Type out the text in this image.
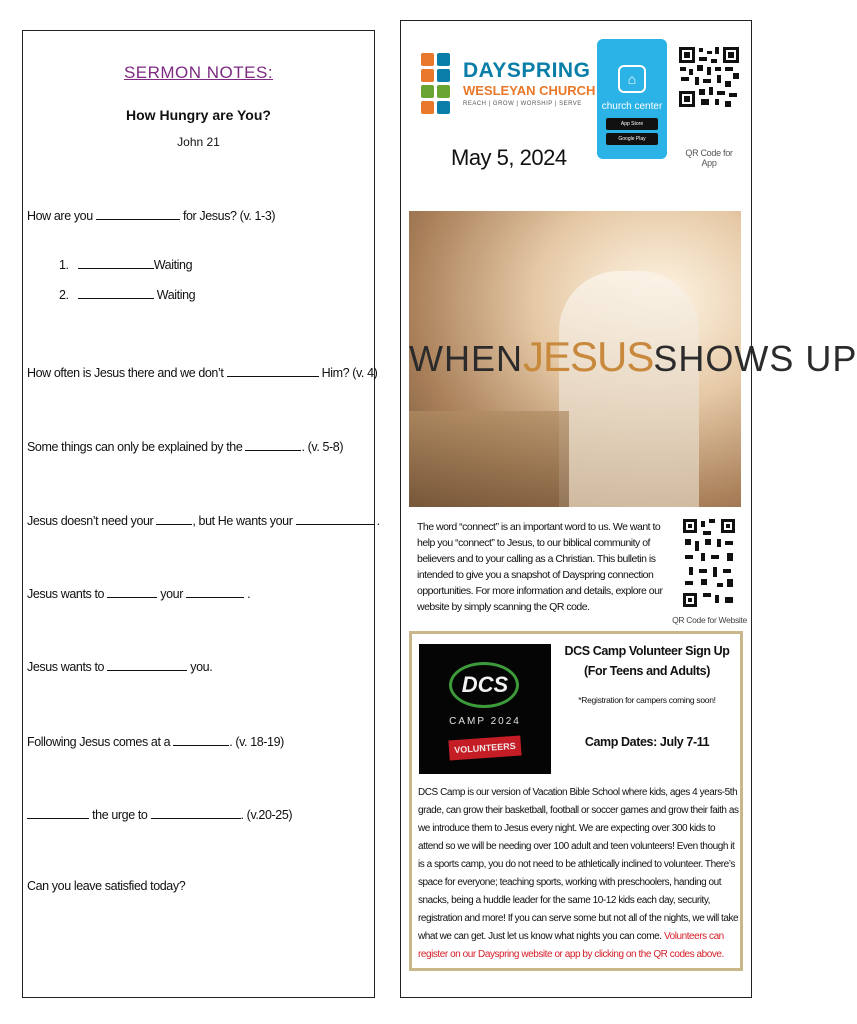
SERMON NOTES:
How Hungry are You?
John 21
How are you	for Jesus? (v. 1-3)
1.	Waiting
2.	Waiting
How often is Jesus there and we don’t	Him? (v. 4)
Some things can only be explained by the	. (v. 5-8)
Jesus doesn’t need your	, but He wants your	.
Jesus wants to	your	.
Jesus wants to	you.
Following Jesus comes at a	. (v. 18-19)
the urge to	. (v.20-25)
Can you leave satisfied today?
DAYSPRING
WESLEYAN CHURCH
REACH | GROW | WORSHIP | SERVE
⌂
church center
App Store
Google Play
QR Code for App
May 5, 2024
WHENJESUSSHOWS UP
The word “connect” is an important word to us. We want to help you “connect” to Jesus, to our biblical community of believers and to your calling as a Christian. This bulletin is intended to give you a snapshot of Dayspring connection opportunities. For more information and details, explore our website by simply scanning the QR code.
QR Code for Website
DCS
CAMP 2024
VOLUNTEERS
DCS Camp Volunteer Sign Up
(For Teens and Adults)
*Registration for campers coming soon!
Camp Dates: July 7-11
DCS Camp is our version of Vacation Bible School where kids, ages 4 years-5th grade, can grow their basketball, football or soccer games and grow their faith as we introduce them to Jesus every night. We are expecting over 300 kids to attend so we will be needing over 100 adult and teen volunteers! Even though it is a sports camp, you do not need to be athletically inclined to volunteer. There’s space for everyone; teaching sports, working with preschoolers, handing out snacks, being a huddle leader for the same 10-12 kids each day, security, registration and more! If you can serve some but not all of the nights, we will take what we can get. Just let us know what nights you can come. Volunteers can register on our Dayspring website or app by clicking on the QR codes above.
